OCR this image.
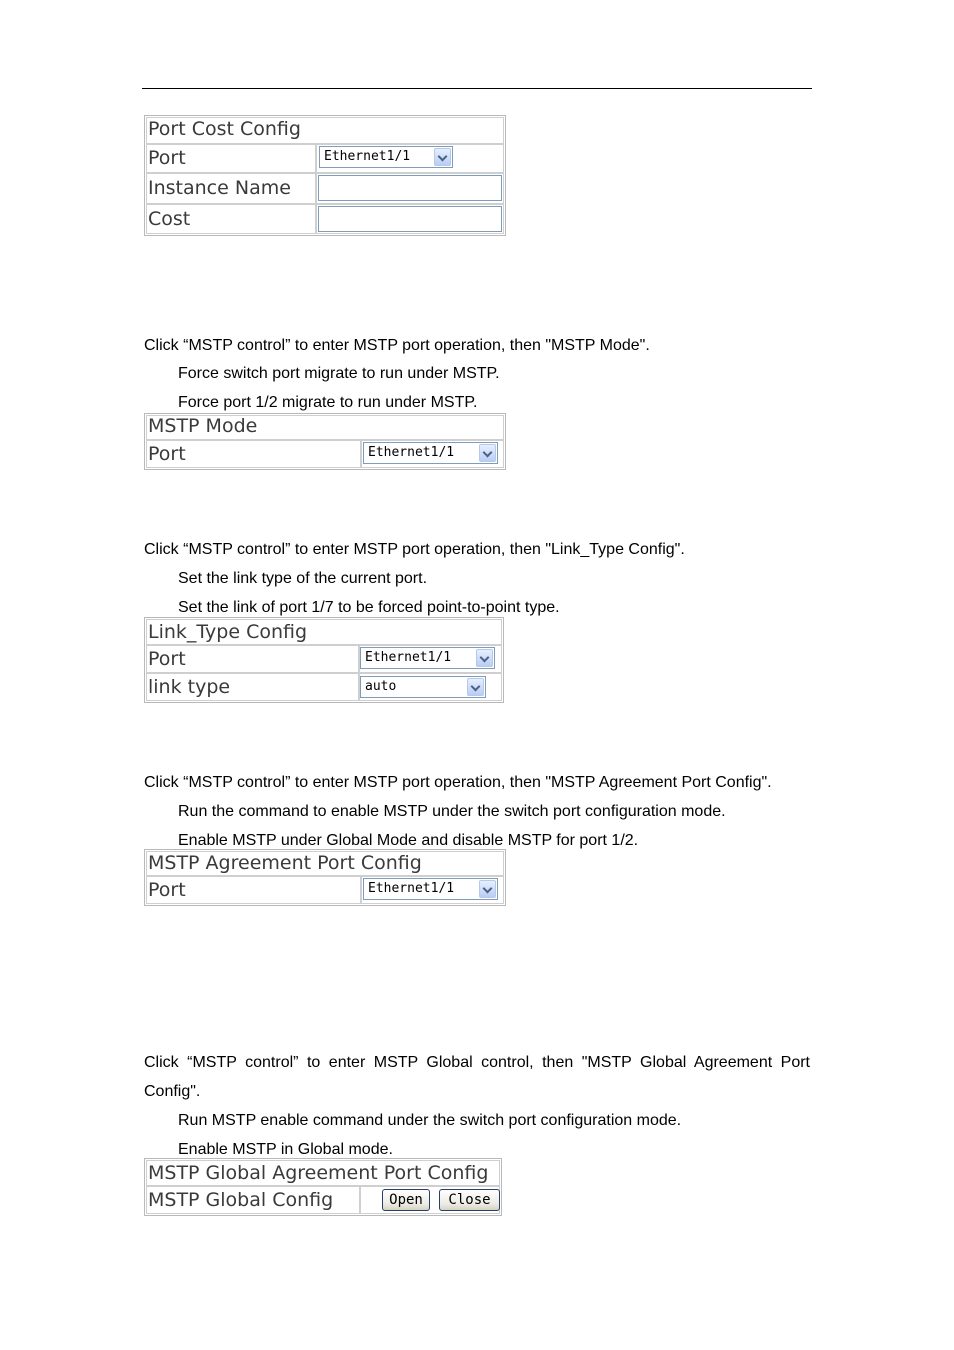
Port Cost Config
Port	Ethernet1/1
Instance Name
Cost
Click “MSTP control” to enter MSTP port operation, then "MSTP Mode".
Force switch port migrate to run under MSTP.
Force port 1/2 migrate to run under MSTP.
MSTP Mode
Port	Ethernet1/1
Click “MSTP control” to enter MSTP port operation, then "Link_Type Config".
Set the link type of the current port.
Set the link of port 1/7 to be forced point-to-point type.
Link_Type Config
Port	Ethernet1/1
link type	auto
Click “MSTP control” to enter MSTP port operation, then "MSTP Agreement Port Config".
Run the command to enable MSTP under the switch port configuration mode.
Enable MSTP under Global Mode and disable MSTP for port 1/2.
MSTP Agreement Port Config
Port	Ethernet1/1
Click “MSTP control” to enter MSTP Global control, then "MSTP Global Agreement Port Config".
Run MSTP enable command under the switch port configuration mode.
Enable MSTP in Global mode.
MSTP Global Agreement Port Config
MSTP Global Config	Open	Close
